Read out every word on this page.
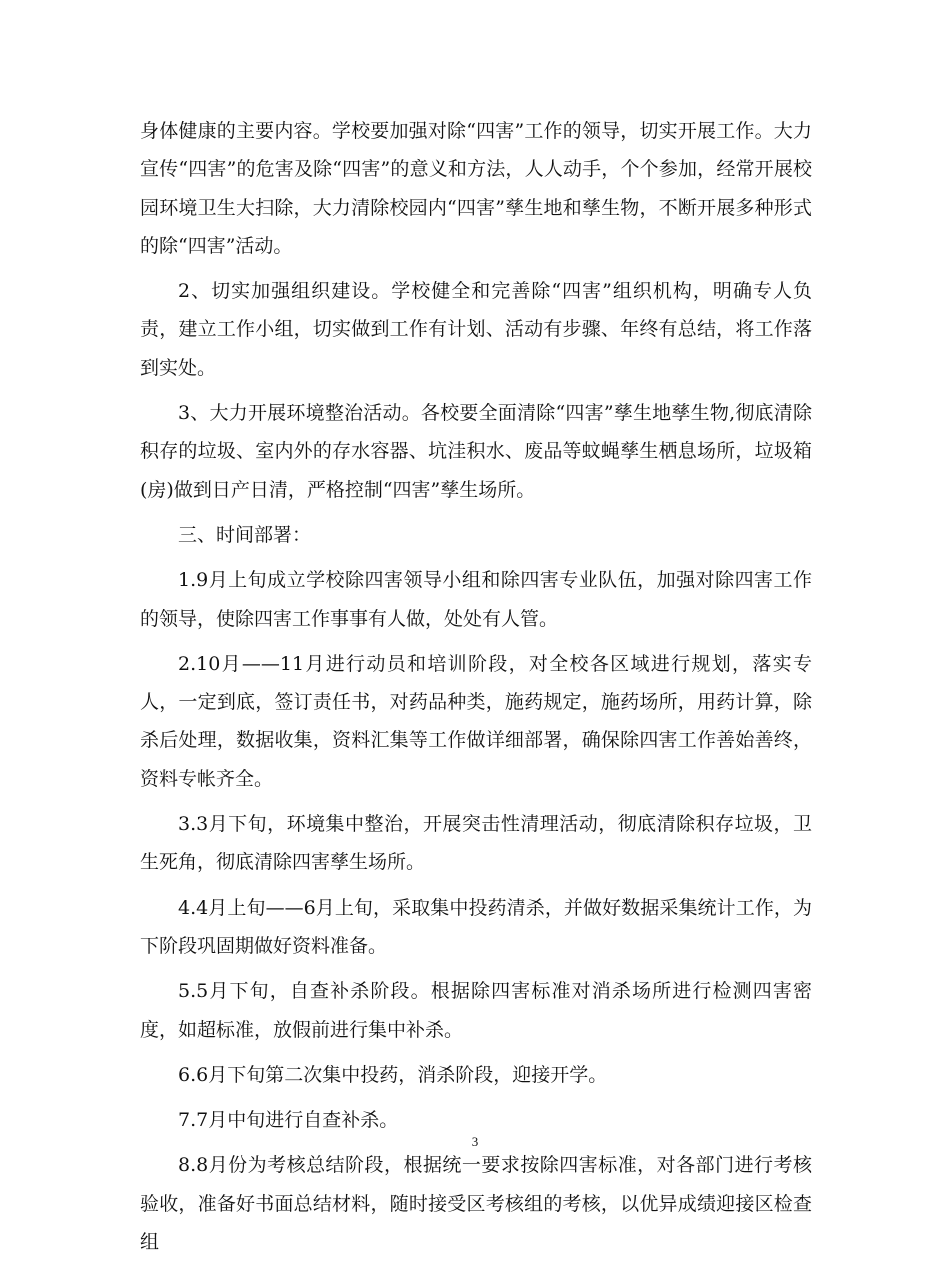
身体健康的主要内容。学校要加强对除“四害”工作的领导，切实开展工作。大力宣传“四害”的危害及除“四害”的意义和方法，人人动手，个个参加，经常开展校园环境卫生大扫除，大力清除校园内“四害”孳生地和孳生物，不断开展多种形式的除“四害”活动。

2、切实加强组织建设。学校健全和完善除“四害”组织机构，明确专人负责，建立工作小组，切实做到工作有计划、活动有步骤、年终有总结，将工作落到实处。

3、大力开展环境整治活动。各校要全面清除“四害”孳生地孳生物,彻底清除积存的垃圾、室内外的存水容器、坑洼积水、废品等蚊蝇孳生栖息场所，垃圾箱(房)做到日产日清，严格控制“四害”孳生场所。

三、时间部署：

1.9月上旬成立学校除四害领导小组和除四害专业队伍，加强对除四害工作的领导，使除四害工作事事有人做，处处有人管。

2.10月——11月进行动员和培训阶段，对全校各区域进行规划，落实专人，一定到底，签订责任书，对药品种类，施药规定，施药场所，用药计算，除杀后处理，数据收集，资料汇集等工作做详细部署，确保除四害工作善始善终，资料专帐齐全。

3.3月下旬，环境集中整治，开展突击性清理活动，彻底清除积存垃圾，卫生死角，彻底清除四害孳生场所。

4.4月上旬——6月上旬，采取集中投药清杀，并做好数据采集统计工作，为下阶段巩固期做好资料准备。

5.5月下旬，自查补杀阶段。根据除四害标准对消杀场所进行检测四害密度，如超标准，放假前进行集中补杀。

6.6月下旬第二次集中投药，消杀阶段，迎接开学。

7.7月中旬进行自查补杀。

8.8月份为考核总结阶段，根据统一要求按除四害标准，对各部门进行考核验收，准备好书面总结材料，随时接受区考核组的考核，以优异成绩迎接区检查组

3
